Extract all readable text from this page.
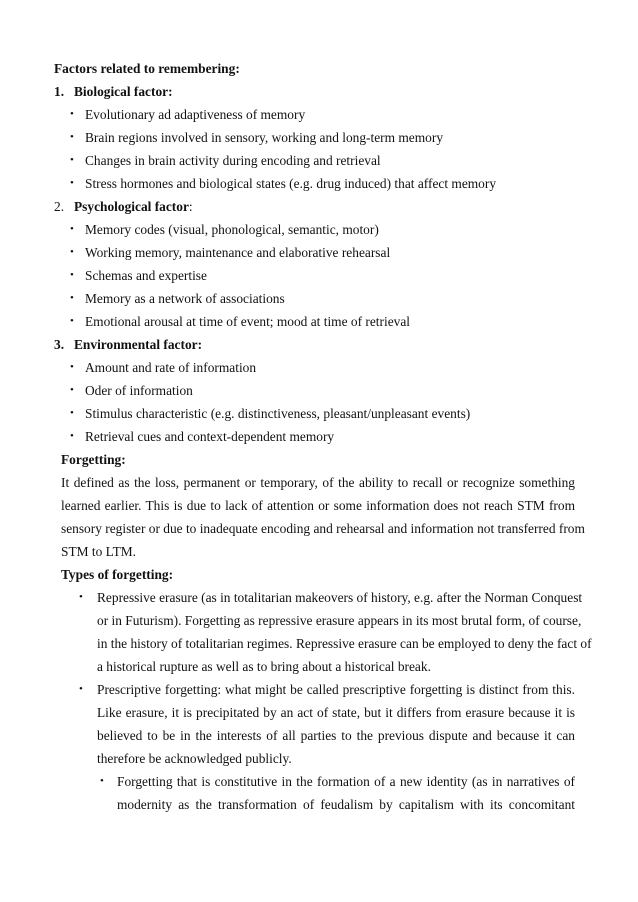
Factors related to remembering:
1. Biological factor:
• Evolutionary ad adaptiveness of memory
• Brain regions involved in sensory, working and long-term memory
• Changes in brain activity during encoding and retrieval
• Stress hormones and biological states (e.g. drug induced) that affect memory
2. Psychological factor:
• Memory codes (visual, phonological, semantic, motor)
• Working memory, maintenance and elaborative rehearsal
• Schemas and expertise
• Memory as a network of associations
• Emotional arousal at time of event; mood at time of retrieval
3. Environmental factor:
• Amount and rate of information
• Oder of information
• Stimulus characteristic (e.g. distinctiveness, pleasant/unpleasant events)
• Retrieval cues and context-dependent memory
Forgetting:
It defined as the loss, permanent or temporary, of the ability to recall or recognize something
learned earlier. This is due to lack of attention or some information does not reach STM from
sensory register or due to inadequate encoding and rehearsal and information not transferred from
STM to LTM.
Types of forgetting:
• Repressive erasure (as in totalitarian makeovers of history, e.g. after the Norman Conquest
or in Futurism). Forgetting as repressive erasure appears in its most brutal form, of course,
in the history of totalitarian regimes. Repressive erasure can be employed to deny the fact of
a historical rupture as well as to bring about a historical break.
• Prescriptive forgetting: what might be called prescriptive forgetting is distinct from this.
Like erasure, it is precipitated by an act of state, but it differs from erasure because it is
believed to be in the interests of all parties to the previous dispute and because it can
therefore be acknowledged publicly.
• Forgetting that is constitutive in the formation of a new identity (as in narratives of
modernity as the transformation of feudalism by capitalism with its concomitant
